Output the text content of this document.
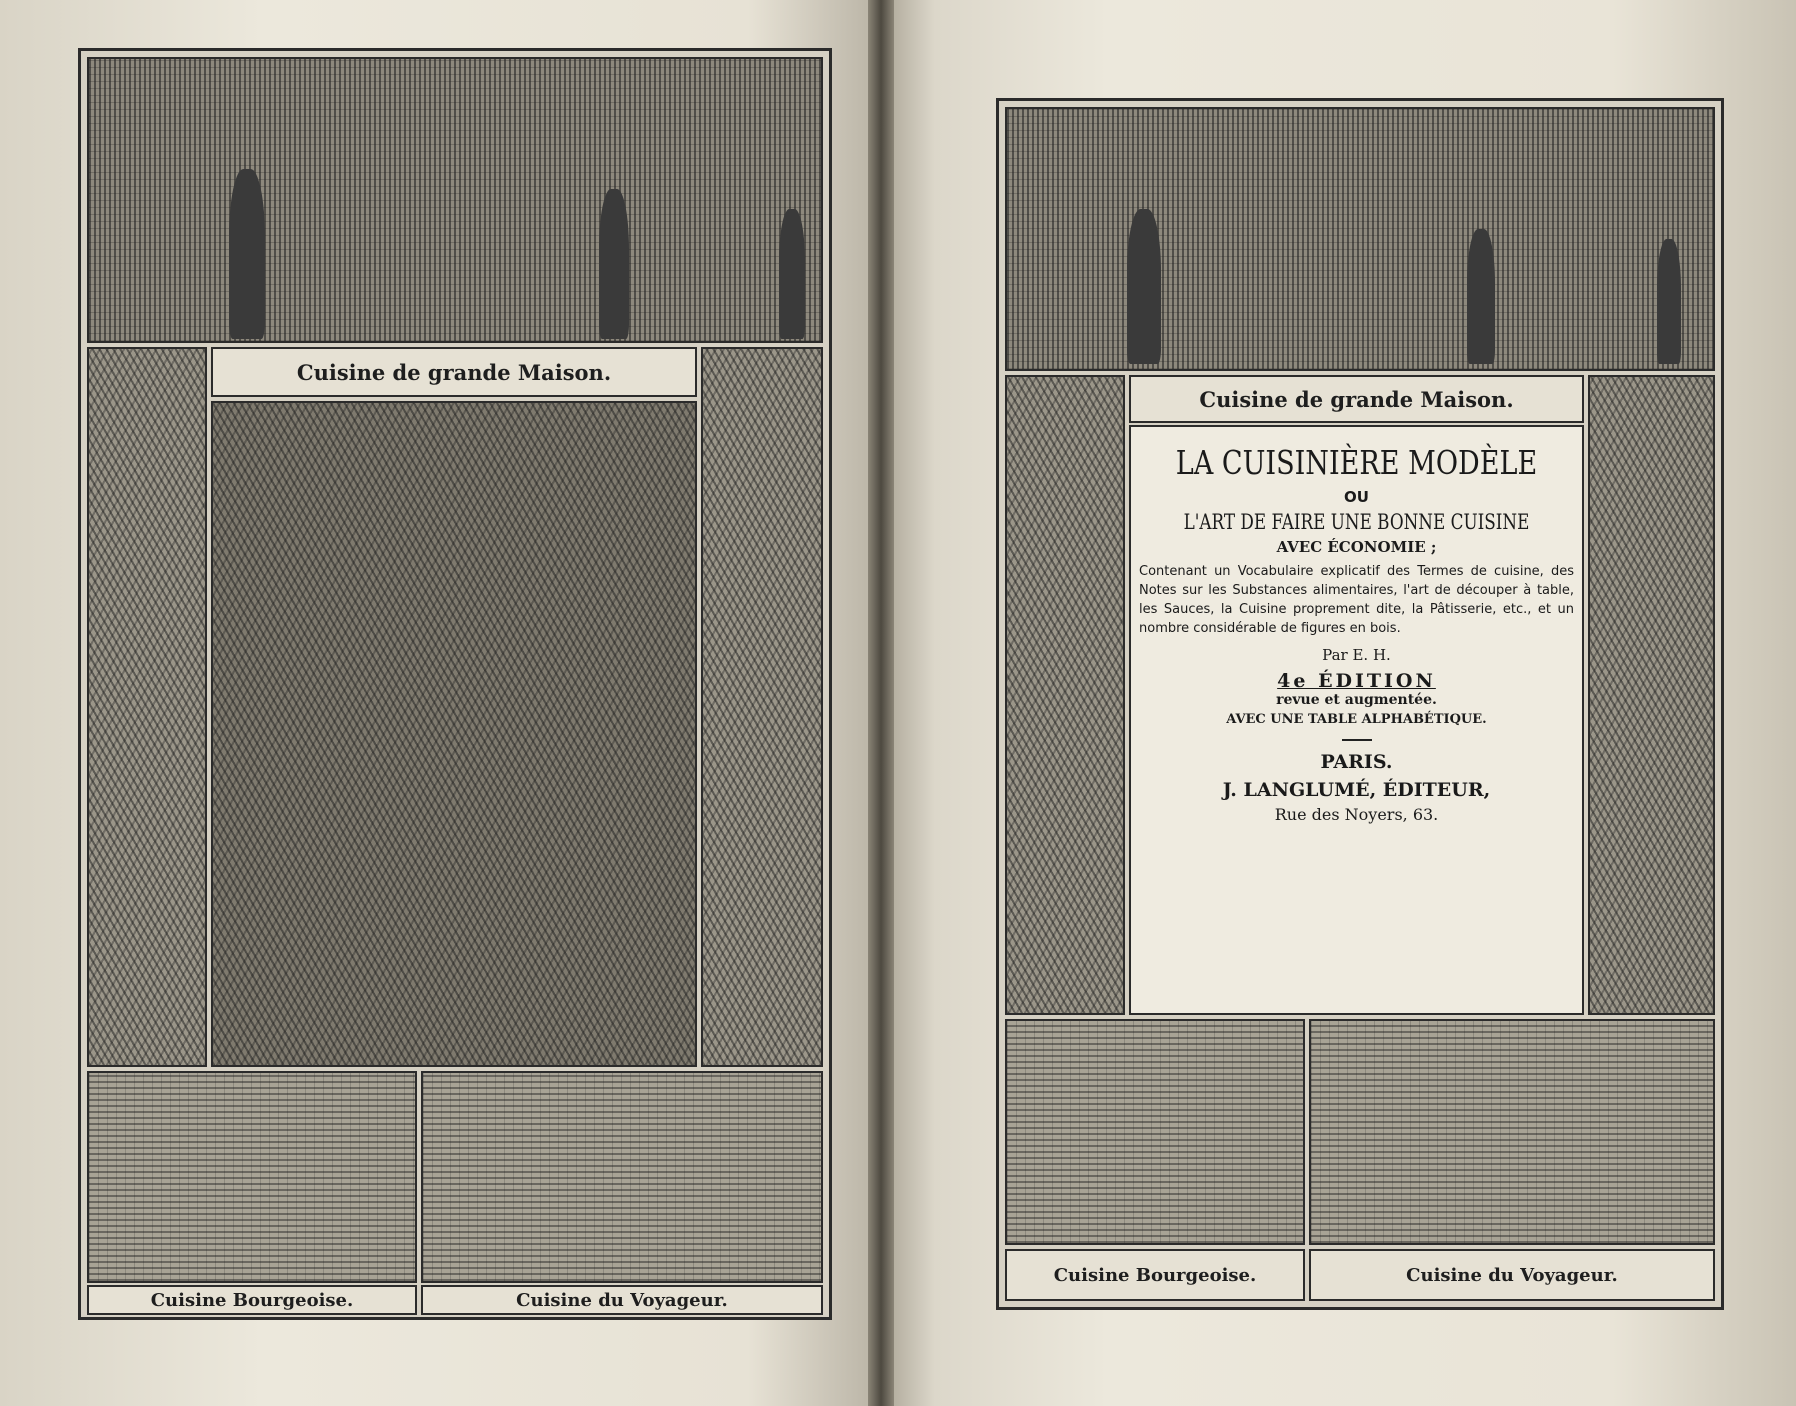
Cuisine de grande Maison.
Cuisine Bourgeoise.	Cuisine du Voyageur.
Cuisine de grande Maison.
LA CUISINIÈRE MODÈLE
OU
L'ART DE FAIRE UNE BONNE CUISINE
AVEC ÉCONOMIE ;
Contenant un Vocabulaire explicatif des Termes de cuisine, des Notes sur les Substances alimentaires, l'art de découper à table, les Sauces, la Cuisine proprement dite, la Pâtisserie, etc., et un nombre considérable de figures en bois.
Par E. H.
4e ÉDITION
revue et augmentée.
AVEC UNE TABLE ALPHABÉTIQUE.
PARIS.
J. LANGLUMÉ, ÉDITEUR,
Rue des Noyers, 63.
Cuisine Bourgeoise.	Cuisine du Voyageur.
